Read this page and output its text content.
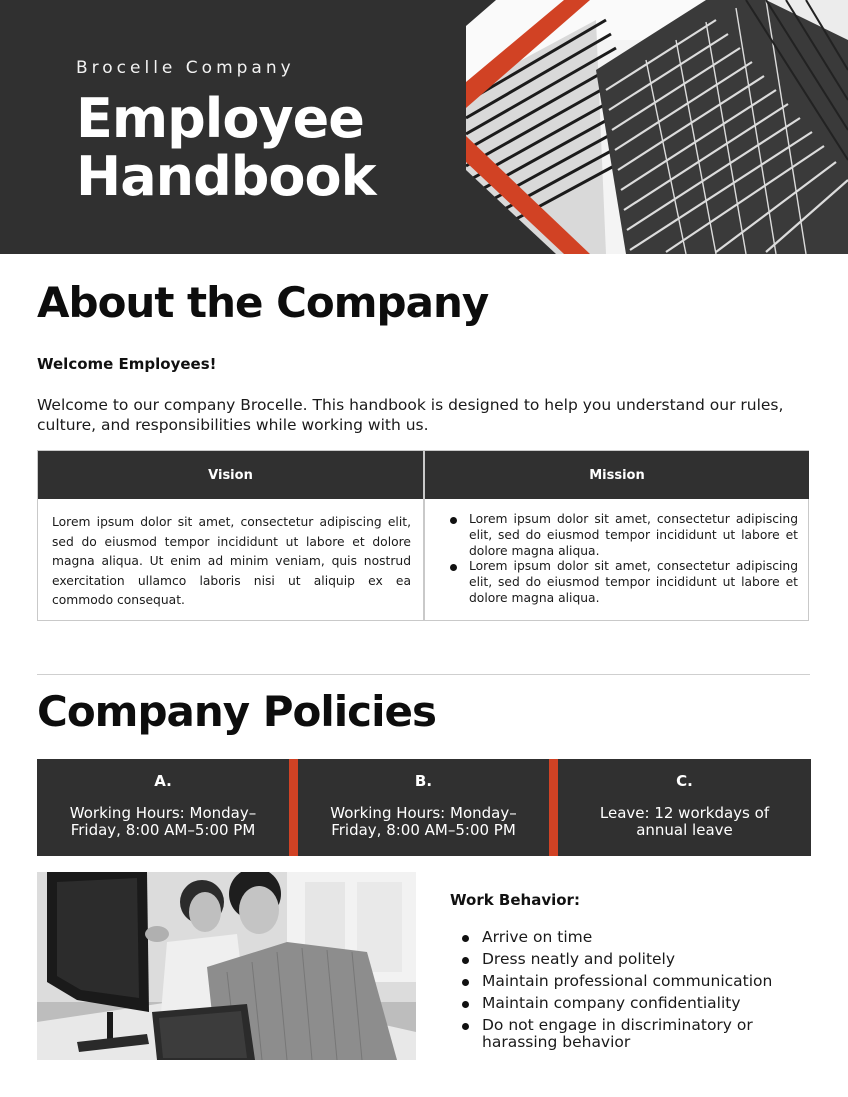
Brocelle Company
Employee
Handbook
About the Company
Welcome Employees!
Welcome to our company Brocelle. This handbook is designed to help you understand our rules, culture, and responsibilities while working with us.
Vision	Mission
Lorem ipsum dolor sit amet, consectetur adipiscing elit, sed do eiusmod tempor incididunt ut labore et dolore magna aliqua. Ut enim ad minim veniam, quis nostrud exercitation ullamco laboris nisi ut aliquip ex ea commodo consequat.
Lorem ipsum dolor sit amet, consectetur adipiscing elit, sed do eiusmod tempor incididunt ut labore et dolore magna aliqua.
Lorem ipsum dolor sit amet, consectetur adipiscing elit, sed do eiusmod tempor incididunt ut labore et dolore magna aliqua.
Company Policies
A.
Working Hours: Monday–Friday, 8:00 AM–5:00 PM
B.
Working Hours: Monday–Friday, 8:00 AM–5:00 PM
C.
Leave: 12 workdays of annual leave
Work Behavior:
Arrive on time
Dress neatly and politely
Maintain professional communication
Maintain company confidentiality
Do not engage in discriminatory or harassing behavior
